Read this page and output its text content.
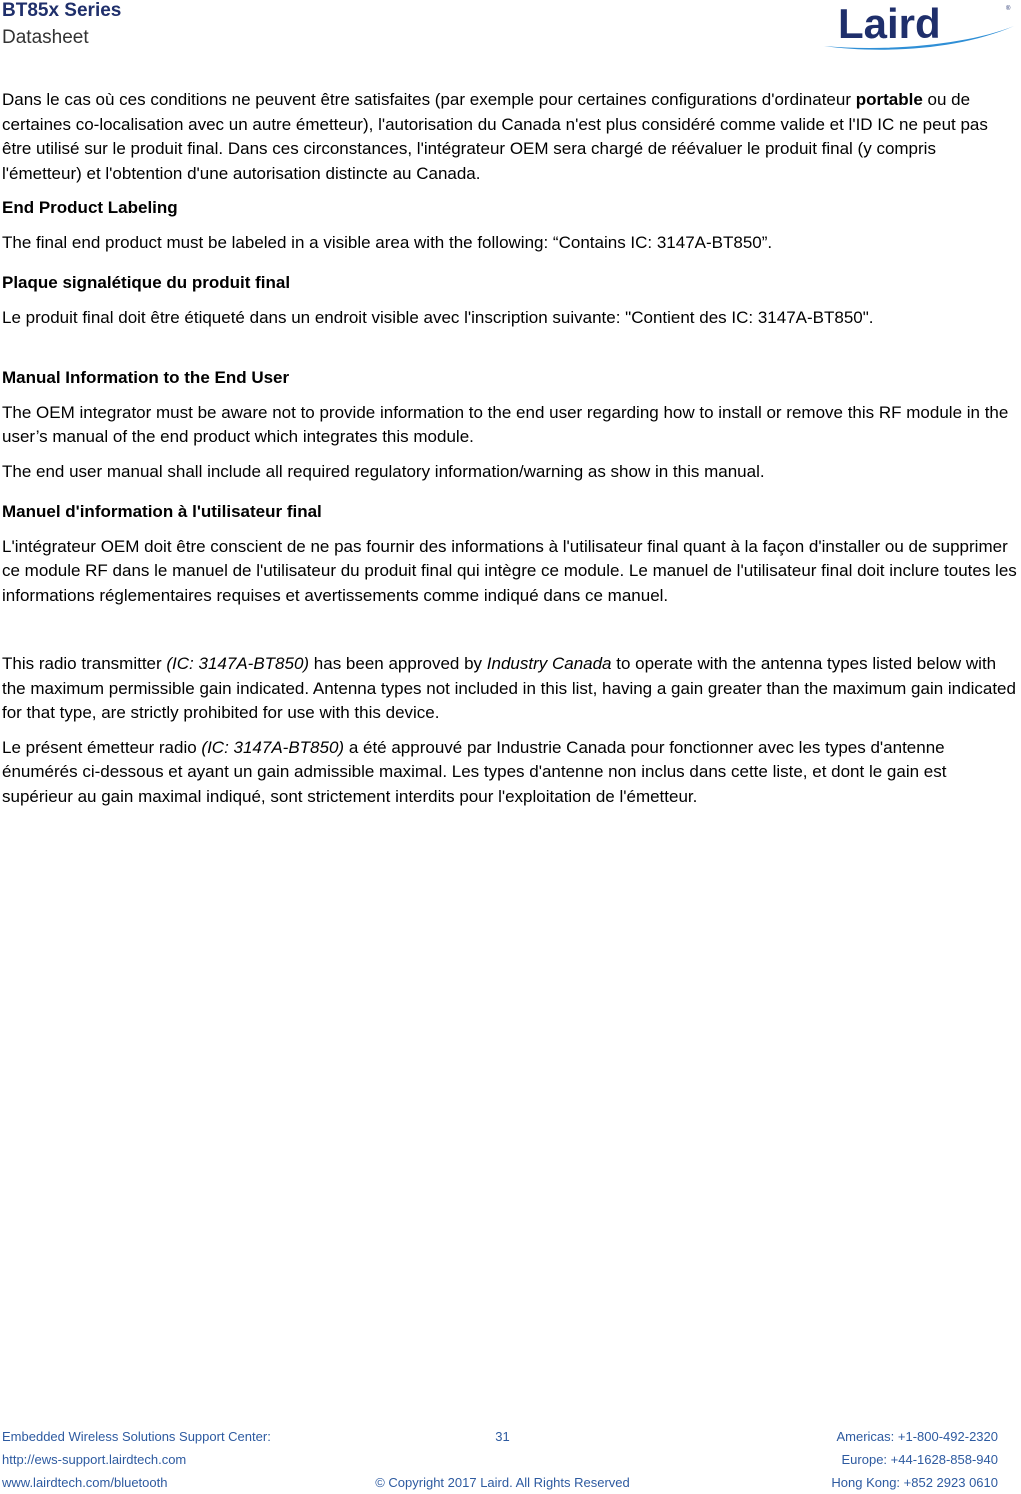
BT85x Series
Datasheet	Laird	®

Dans le cas où ces conditions ne peuvent être satisfaites (par exemple pour certaines configurations d'ordinateur portable ou de certaines co-localisation avec un autre émetteur), l'autorisation du Canada n'est plus considéré comme valide et l'ID IC ne peut pas être utilisé sur le produit final. Dans ces circonstances, l'intégrateur OEM sera chargé de réévaluer le produit final (y compris l'émetteur) et l'obtention d'une autorisation distincte au Canada.

End Product Labeling

The final end product must be labeled in a visible area with the following: “Contains IC: 3147A-BT850”.

Plaque signalétique du produit final

Le produit final doit être étiqueté dans un endroit visible avec l'inscription suivante: "Contient des IC: 3147A-BT850".

Manual Information to the End User

The OEM integrator must be aware not to provide information to the end user regarding how to install or remove this RF module in the user’s manual of the end product which integrates this module.

The end user manual shall include all required regulatory information/warning as show in this manual.

Manuel d'information à l'utilisateur final

L'intégrateur OEM doit être conscient de ne pas fournir des informations à l'utilisateur final quant à la façon d'installer ou de supprimer ce module RF dans le manuel de l'utilisateur du produit final qui intègre ce module. Le manuel de l'utilisateur final doit inclure toutes les informations réglementaires requises et avertissements comme indiqué dans ce manuel.

This radio transmitter (IC: 3147A-BT850) has been approved by Industry Canada to operate with the antenna types listed below with the maximum permissible gain indicated. Antenna types not included in this list, having a gain greater than the maximum gain indicated for that type, are strictly prohibited for use with this device.

Le présent émetteur radio (IC: 3147A-BT850) a été approuvé par Industrie Canada pour fonctionner avec les types d'antenne énumérés ci-dessous et ayant un gain admissible maximal. Les types d'antenne non inclus dans cette liste, et dont le gain est supérieur au gain maximal indiqué, sont strictement interdits pour l'exploitation de l'émetteur.

Embedded Wireless Solutions Support Center:
http://ews-support.lairdtech.com
www.lairdtech.com/bluetooth
31
© Copyright 2017 Laird. All Rights Reserved
Americas: +1-800-492-2320
Europe: +44-1628-858-940
Hong Kong: +852 2923 0610
